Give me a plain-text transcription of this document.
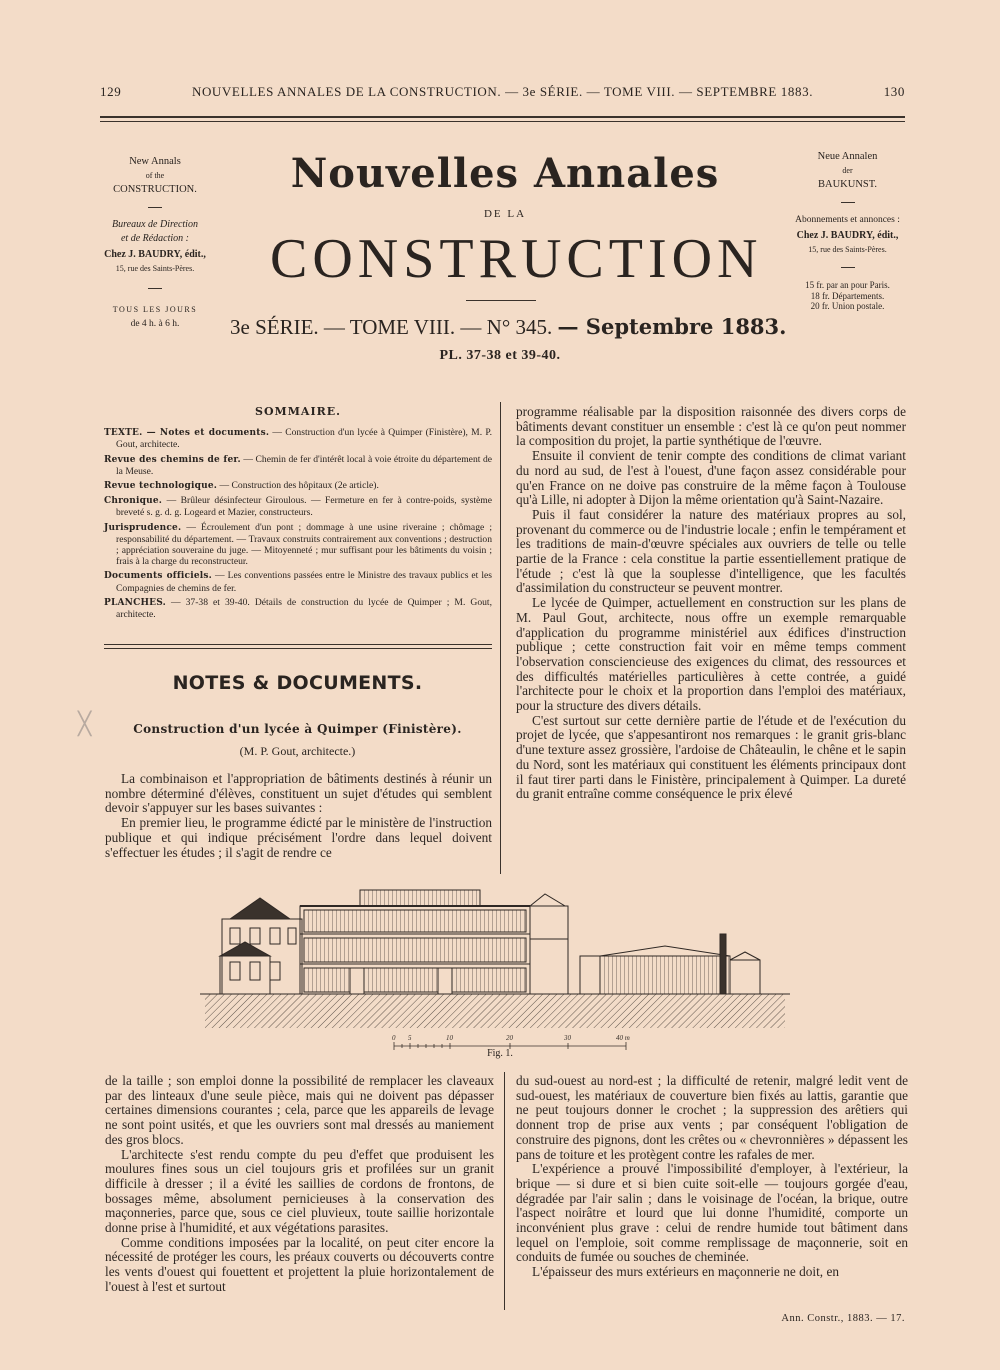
129	NOUVELLES ANNALES DE LA CONSTRUCTION. — 3e SÉRIE. — TOME VIII. — SEPTEMBRE 1883.	130
New Annals
of the
CONSTRUCTION.
Bureaux de Direction
et de Rédaction :
Chez J. BAUDRY, édit.,
15, rue des Saints-Pères.
TOUS LES JOURS
de 4 h. à 6 h.
Nouvelles Annales
DE LA
CONSTRUCTION
3e SÉRIE. — TOME VIII. — N° 345. — Septembre 1883.
PL. 37-38 et 39-40.
Neue Annalen
der
BAUKUNST.
Abonnements et annonces :
Chez J. BAUDRY, édit.,
15, rue des Saints-Pères.
15 fr. par an pour Paris.
18 fr. Départements.
20 fr. Union postale.
SOMMAIRE.

TEXTE. — Notes et documents. — Construction d'un lycée à Quimper (Finistère), M. P. Gout, architecte.

Revue des chemins de fer. — Chemin de fer d'intérêt local à voie étroite du département de la Meuse.

Revue technologique. — Construction des hôpitaux (2e article).

Chronique. — Brûleur désinfecteur Giroulous. — Fermeture en fer à contre-poids, système breveté s. g. d. g. Logeard et Mazier, constructeurs.

Jurisprudence. — Écroulement d'un pont ; dommage à une usine riveraine ; chômage ; responsabilité du département. — Travaux construits contrairement aux conventions ; destruction ; appréciation souveraine du juge. — Mitoyenneté ; mur suffisant pour les bâtiments du voisin ; frais à la charge du reconstructeur.

Documents officiels. — Les conventions passées entre le Ministre des travaux publics et les Compagnies de chemins de fer.

PLANCHES. — 37-38 et 39-40. Détails de construction du lycée de Quimper ; M. Gout, architecte.

╳
NOTES & DOCUMENTS.
Construction d'un lycée à Quimper (Finistère).
(M. P. Gout, architecte.)

La combinaison et l'appropriation de bâtiments destinés à réunir un nombre déterminé d'élèves, constituent un sujet d'études qui semblent devoir s'appuyer sur les bases suivantes :

En premier lieu, le programme édicté par le ministère de l'instruction publique et qui indique précisément l'ordre dans lequel doivent s'effectuer les études ; il s'agit de rendre ce

programme réalisable par la disposition raisonnée des divers corps de bâtiments devant constituer un ensemble : c'est là ce qu'on peut nommer la composition du projet, la partie synthétique de l'œuvre.

Ensuite il convient de tenir compte des conditions de climat variant du nord au sud, de l'est à l'ouest, d'une façon assez considérable pour qu'en France on ne doive pas construire de la même façon à Toulouse qu'à Lille, ni adopter à Dijon la même orientation qu'à Saint-Nazaire.

Puis il faut considérer la nature des matériaux propres au sol, provenant du commerce ou de l'industrie locale ; enfin le tempérament et les traditions de main-d'œuvre spéciales aux ouvriers de telle ou telle partie de la France : cela constitue la partie essentiellement pratique de l'étude ; c'est là que la souplesse d'intelligence, que les facultés d'assimilation du constructeur se peuvent montrer.

Le lycée de Quimper, actuellement en construction sur les plans de M. Paul Gout, architecte, nous offre un exemple remarquable d'application du programme ministériel aux édifices d'instruction publique ; cette construction fait voir en même temps comment l'observation consciencieuse des exigences du climat, des ressources et des difficultés matérielles particulières à cette contrée, a guidé l'architecte pour le choix et la proportion dans l'emploi des matériaux, pour la structure des divers détails.

C'est surtout sur cette dernière partie de l'étude et de l'exécution du projet de lycée, que s'appesantiront nos remarques : le granit gris-blanc d'une texture assez grossière, l'ardoise de Châteaulin, le chêne et le sapin du Nord, sont les matériaux qui constituent les éléments principaux dont il faut tirer parti dans le Finistère, principalement à Quimper. La dureté du granit entraîne comme conséquence le prix élevé

de la taille ; son emploi donne la possibilité de remplacer les claveaux par des linteaux d'une seule pièce, mais qui ne doivent pas dépasser certaines dimensions courantes ; cela, parce que les appareils de levage ne sont point usités, et que les ouvriers sont mal dressés au maniement des gros blocs.

L'architecte s'est rendu compte du peu d'effet que produisent les moulures fines sous un ciel toujours gris et profilées sur un granit difficile à dresser ; il a évité les saillies de cordons de frontons, de bossages même, absolument pernicieuses à la conservation des maçonneries, parce que, sous ce ciel pluvieux, toute saillie horizontale donne prise à l'humidité, et aux végétations parasites.

Comme conditions imposées par la localité, on peut citer encore la nécessité de protéger les cours, les préaux couverts ou découverts contre les vents d'ouest qui fouettent et projettent la pluie horizontalement de l'ouest à l'est et surtout

du sud-ouest au nord-est ; la difficulté de retenir, malgré ledit vent de sud-ouest, les matériaux de couverture bien fixés au lattis, garantie que ne peut toujours donner le crochet ; la suppression des arêtiers qui donnent trop de prise aux vents ; par conséquent l'obligation de construire des pignons, dont les crêtes ou « chevronnières » dépassent les pans de toiture et les protègent contre les rafales de mer.

L'expérience a prouvé l'impossibilité d'employer, à l'extérieur, la brique — si dure et si bien cuite soit-elle — toujours gorgée d'eau, dégradée par l'air salin ; dans le voisinage de l'océan, la brique, outre l'aspect noirâtre et lourd que lui donne l'humidité, comporte un inconvénient plus grave : celui de rendre humide tout bâtiment dans lequel on l'emploie, soit comme remplissage de maçonnerie, soit en conduits de fumée ou souches de cheminée.

L'épaisseur des murs extérieurs en maçonnerie ne doit, en

0 5	10	20	30	40 m
Fig. 1.
Ann. Constr., 1883. — 17.
